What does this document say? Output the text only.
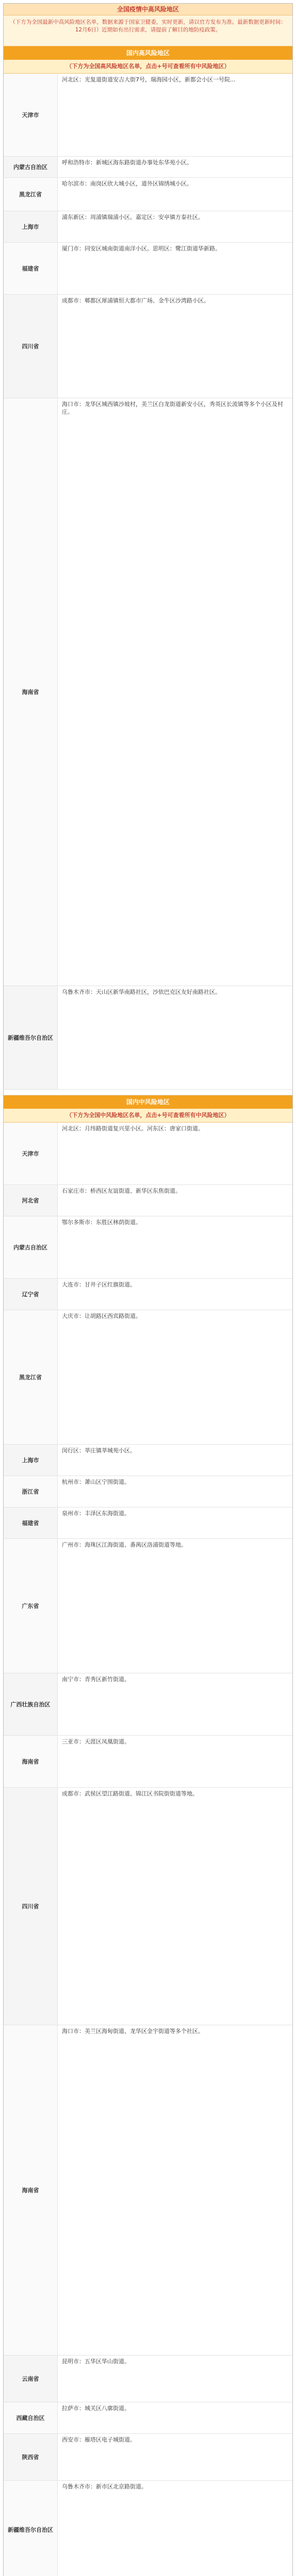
全国疫情中高风险地区
（下方为全国最新中高风险地区名单，数据来源于国家卫健委，实时更新，请以官方发布为准。最新数据更新时间：12月6日）近期如有出行需求，请提前了解目的地防疫政策。
国内高风险地区
（下方为全国高风险地区名单，点击+号可查看所有中风险地区）
天津市
河北区：光复道街道安吉大街7号，瑞海园小区，新都会小区一号院...
内蒙古自治区
呼和浩特市：新城区海东路街道办事处东华苑小区。
黑龙江省
哈尔滨市：南岗区欣大城小区，道外区锦绣城小区。
上海市
浦东新区：周浦镇瑞浦小区。嘉定区：安亭镇方泰社区。
福建省
厦门市：同安区城南街道南洋小区。思明区：鹭江街道华新路。
四川省
成都市：郫都区犀浦镇恒大都市广场、金牛区沙湾路小区。
海南省

海口市：龙华区城西镇沙坡村，美兰区白龙街道新安小区，秀英区长流镇等多个小区及村庄。

新疆维吾尔自治区
乌鲁木齐市：天山区新华南路社区，沙依巴克区友好南路社区。
国内中风险地区
（下方为全国中风险地区名单，点击+号可查看所有中风险地区）
天津市
河北区：月纬路街道复兴里小区。河东区：唐家口街道。
河北省
石家庄市：桥西区友谊街道、新华区东焦街道。
内蒙古自治区
鄂尔多斯市：东胜区林荫街道。
辽宁省
大连市：甘井子区红旗街道。
黑龙江省
大庆市：让胡路区西宾路街道。
上海市
闵行区：莘庄镇莘城苑小区。
浙江省
杭州市：萧山区宁围街道。
福建省
泉州市：丰泽区东海街道。
广东省
广州市：海珠区江海街道、番禺区洛浦街道等地。
广西壮族自治区
南宁市：青秀区新竹街道。
海南省
三亚市：天涯区凤凰街道。
四川省
成都市：武侯区望江路街道、锦江区书院街街道等地。
海南省
海口市：美兰区海甸街道、龙华区金宇街道等多个社区。
云南省
昆明市：五华区华山街道。
西藏自治区
拉萨市：城关区八廓街道。
陕西省
西安市：雁塔区电子城街道。
新疆维吾尔自治区
乌鲁木齐市：新市区北京路街道。
